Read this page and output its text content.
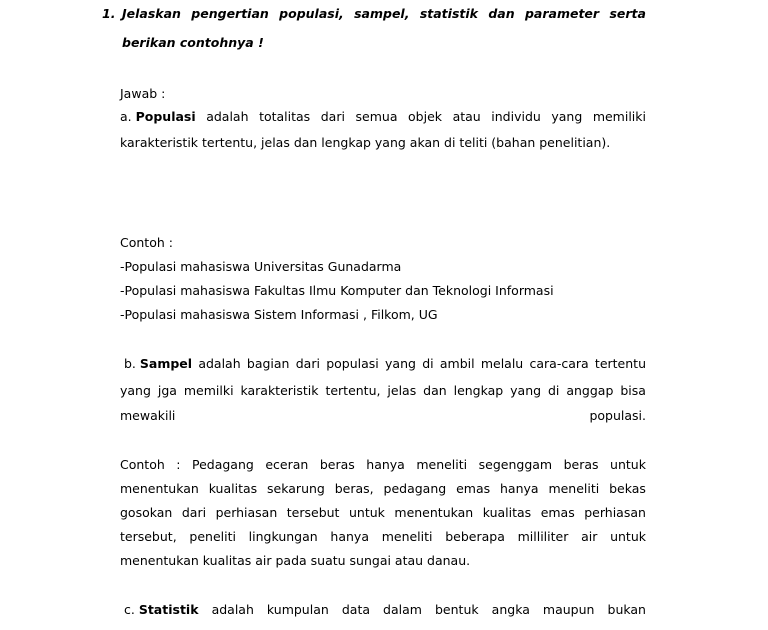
1. Jelaskan pengertian populasi, sampel, statistik dan parameter serta
berikan contohnya !
Jawab :
a. Populasi adalah totalitas dari semua objek atau individu yang memiliki
karakteristik tertentu, jelas dan lengkap yang akan di teliti (bahan penelitian).
Contoh :
-Populasi mahasiswa Universitas Gunadarma
-Populasi mahasiswa Fakultas Ilmu Komputer dan Teknologi Informasi
-Populasi mahasiswa Sistem Informasi , Filkom, UG
b. Sampel adalah bagian dari populasi yang di ambil melalu cara-cara tertentu
yang jga memilki karakteristik tertentu, jelas dan lengkap yang di anggap bisa
mewakili	populasi.
Contoh : Pedagang eceran beras hanya meneliti segenggam beras untuk
menentukan kualitas sekarung beras, pedagang emas hanya meneliti bekas
gosokan dari perhiasan tersebut untuk menentukan kualitas emas perhiasan
tersebut, peneliti lingkungan hanya meneliti beberapa milliliter air untuk
menentukan kualitas air pada suatu sungai atau danau.
c. Statistik adalah kumpulan data dalam bentuk angka maupun bukan
